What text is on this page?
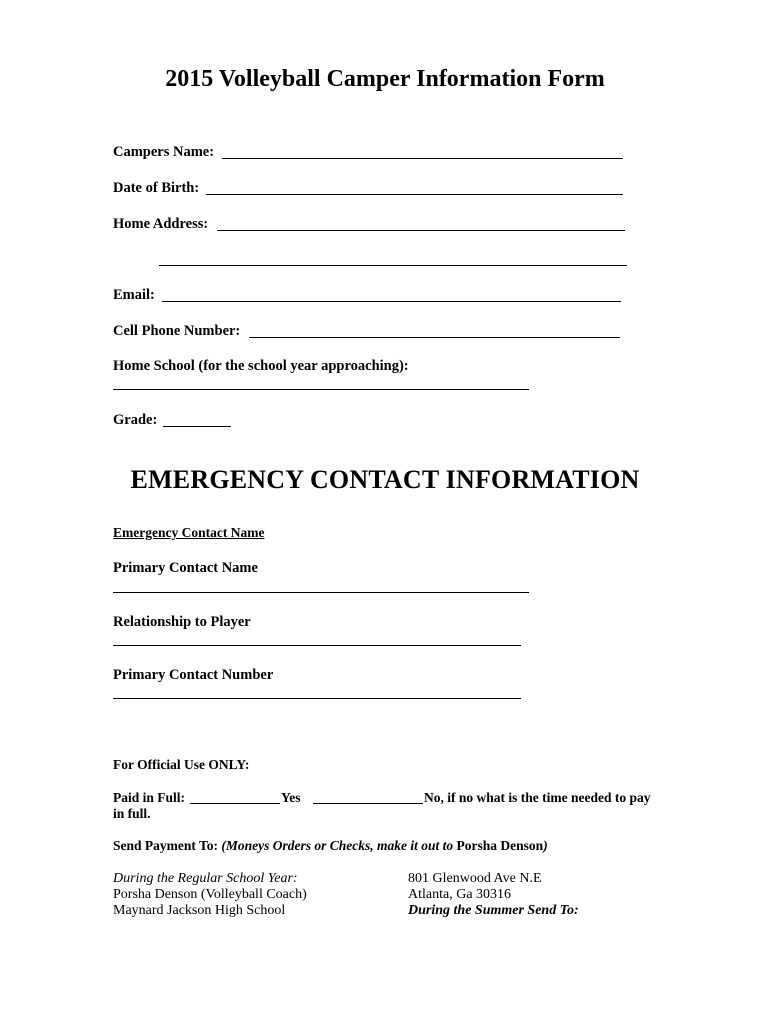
2015 Volleyball Camper Information Form
Campers Name:
Date of Birth:
Home Address:
Email:
Cell Phone Number:
Home School (for the school year approaching):
Grade:
EMERGENCY CONTACT INFORMATION
Emergency Contact Name
Primary Contact Name
Relationship to Player
Primary Contact Number
For Official Use ONLY:
Paid in Full:	Yes	No, if no what is the time needed to pay
in full.
Send Payment To: (Moneys Orders or Checks, make it out to Porsha Denson)
During the Regular School Year:
Porsha Denson (Volleyball Coach)
Maynard Jackson High School
801 Glenwood Ave N.E
Atlanta, Ga 30316
During the Summer Send To:
